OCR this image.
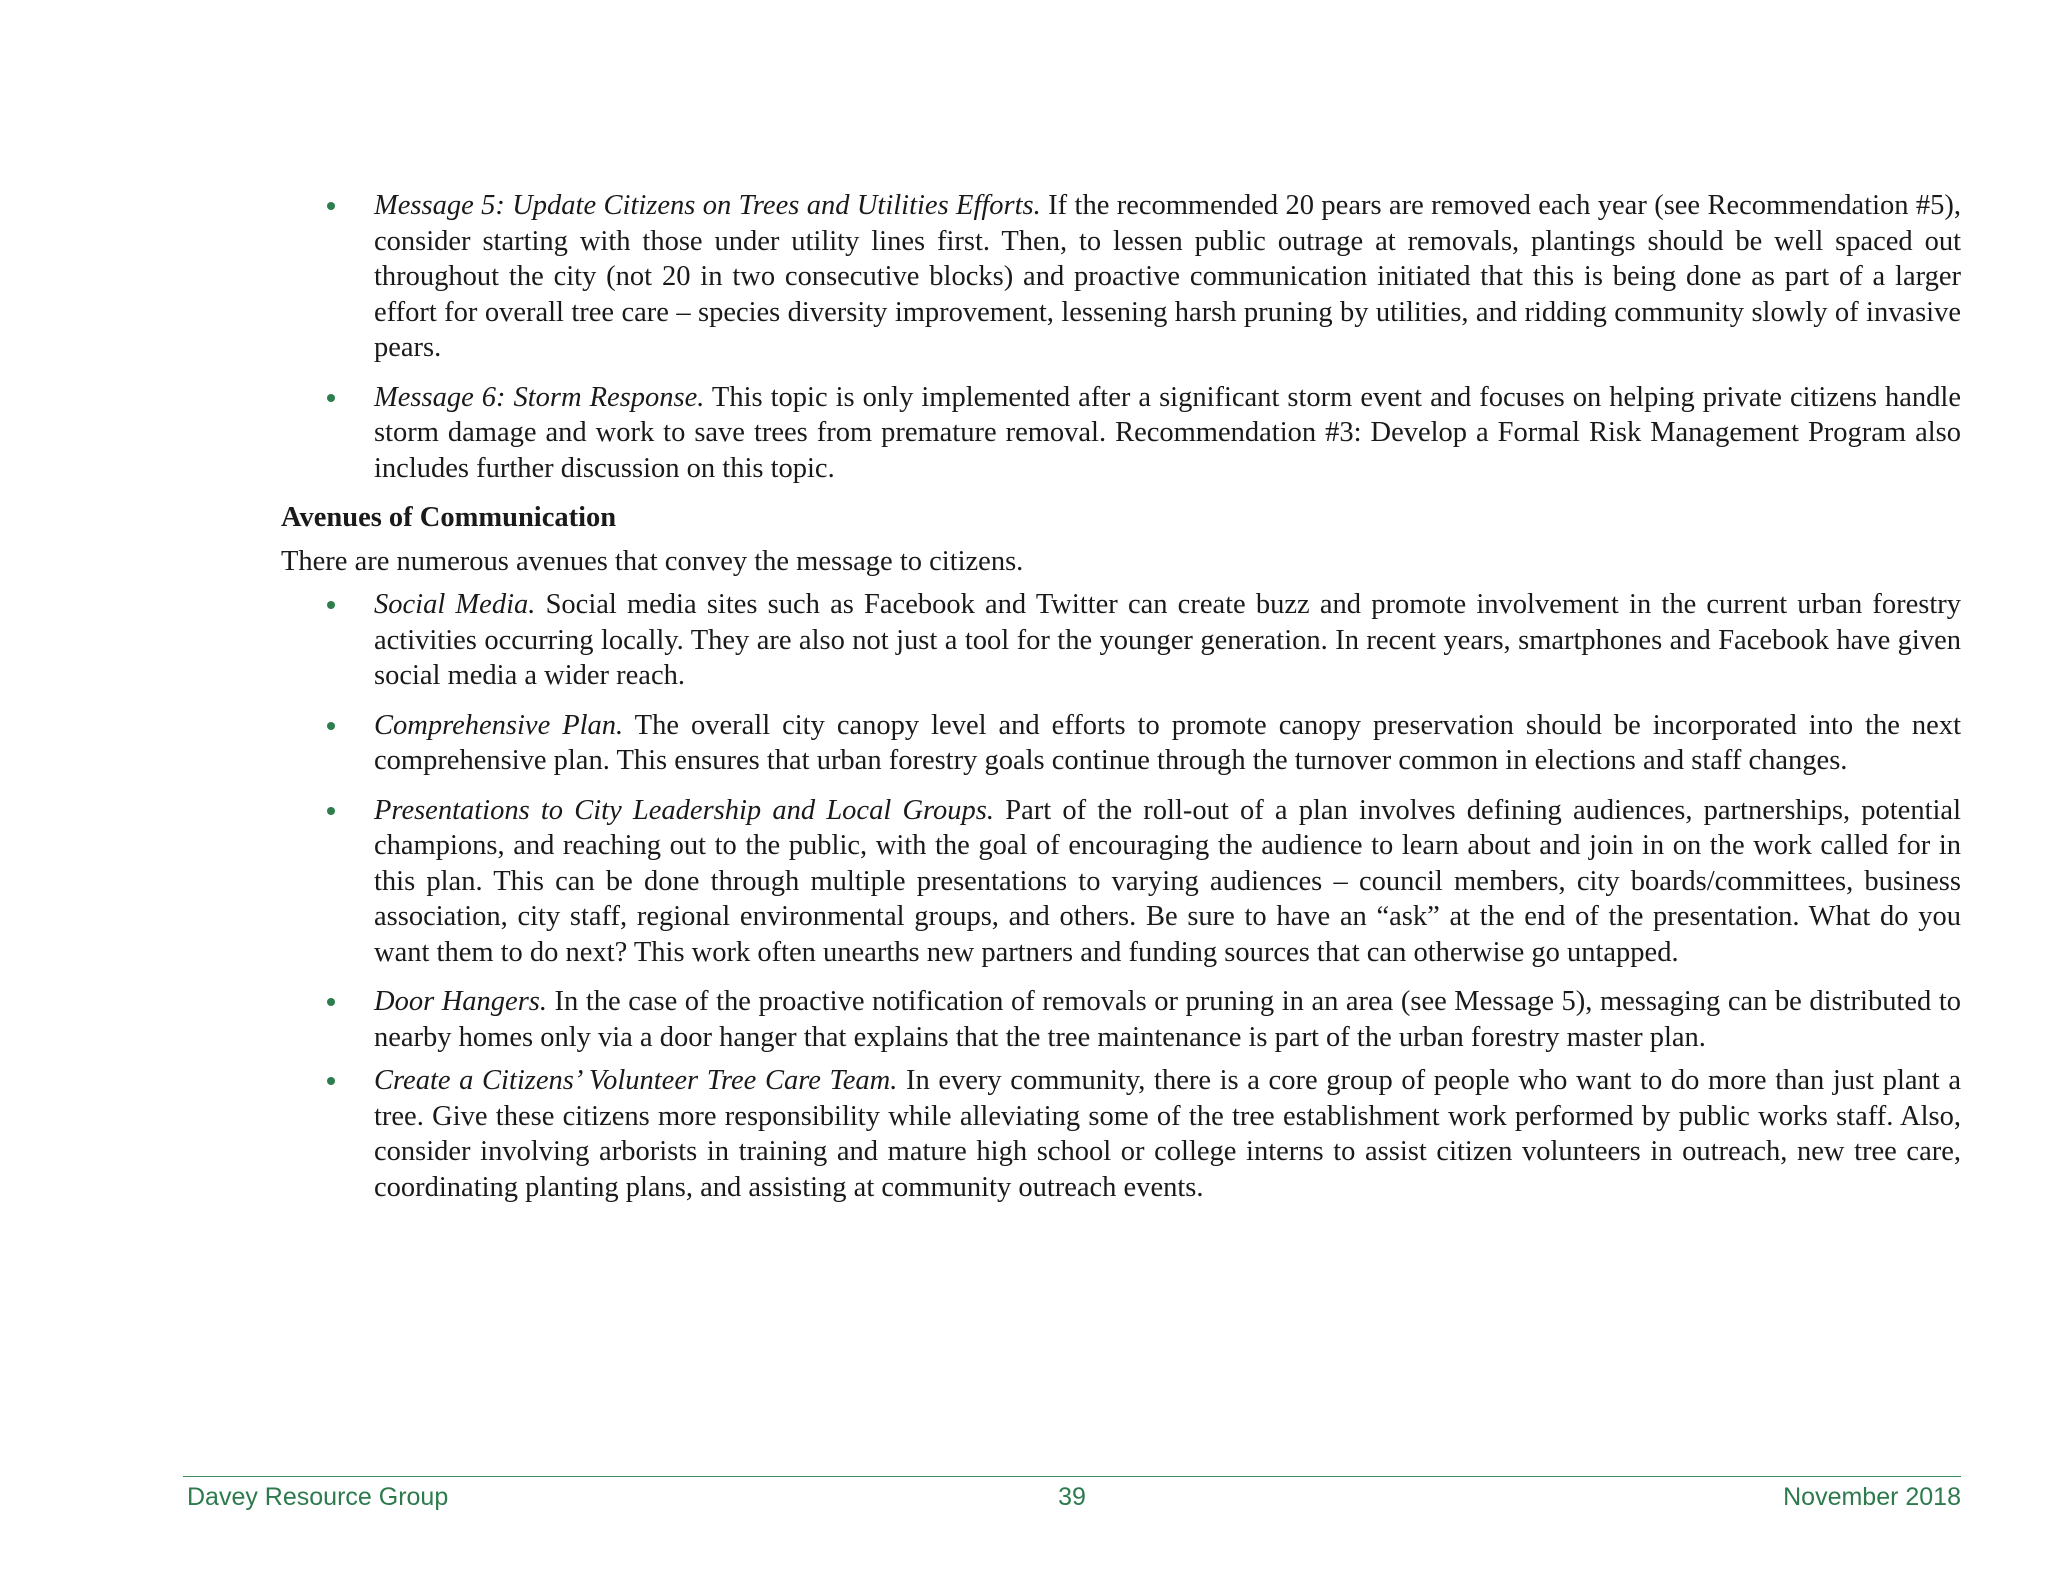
Message 5: Update Citizens on Trees and Utilities Efforts. If the recommended 20 pears are removed each year (see Recommendation #5), consider starting with those under utility lines first. Then, to lessen public outrage at removals, plantings should be well spaced out throughout the city (not 20 in two consecutive blocks) and proactive communication initiated that this is being done as part of a larger effort for overall tree care – species diversity improvement, lessening harsh pruning by utilities, and ridding community slowly of invasive pears.
Message 6: Storm Response. This topic is only implemented after a significant storm event and focuses on helping private citizens handle storm damage and work to save trees from premature removal. Recommendation #3: Develop a Formal Risk Management Program also includes further discussion on this topic.
Avenues of Communication
There are numerous avenues that convey the message to citizens.
Social Media. Social media sites such as Facebook and Twitter can create buzz and promote involvement in the current urban forestry activities occurring locally. They are also not just a tool for the younger generation. In recent years, smartphones and Facebook have given social media a wider reach.
Comprehensive Plan. The overall city canopy level and efforts to promote canopy preservation should be incorporated into the next comprehensive plan. This ensures that urban forestry goals continue through the turnover common in elections and staff changes.
Presentations to City Leadership and Local Groups. Part of the roll-out of a plan involves defining audiences, partnerships, potential champions, and reaching out to the public, with the goal of encouraging the audience to learn about and join in on the work called for in this plan. This can be done through multiple presentations to varying audiences – council members, city boards/committees, business association, city staff, regional environmental groups, and others. Be sure to have an “ask” at the end of the presentation. What do you want them to do next? This work often unearths new partners and funding sources that can otherwise go untapped.
Door Hangers. In the case of the proactive notification of removals or pruning in an area (see Message 5), messaging can be distributed to nearby homes only via a door hanger that explains that the tree maintenance is part of the urban forestry master plan.
Create a Citizens’ Volunteer Tree Care Team. In every community, there is a core group of people who want to do more than just plant a tree. Give these citizens more responsibility while alleviating some of the tree establishment work performed by public works staff. Also, consider involving arborists in training and mature high school or college interns to assist citizen volunteers in outreach, new tree care, coordinating planting plans, and assisting at community outreach events.
Davey Resource Group	39	November 2018
